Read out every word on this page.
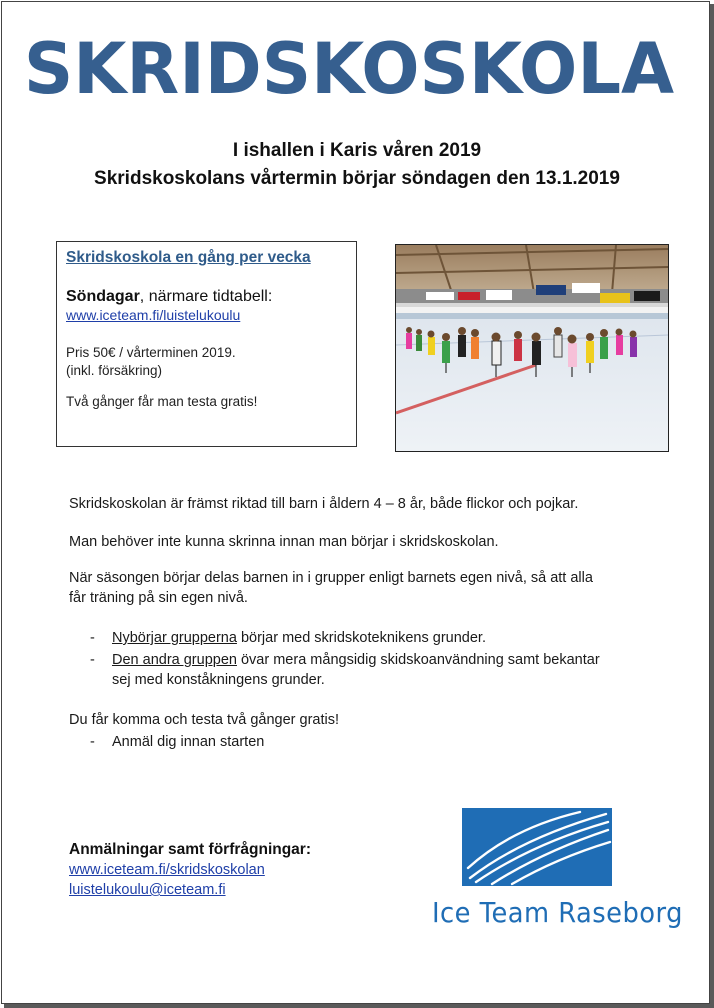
SKRIDSKOSKOLA
I ishallen i Karis våren 2019
Skridskoskolans vårtermin börjar söndagen den 13.1.2019
Skridskoskola en gång per vecka
Söndagar, närmare tidtabell:
www.iceteam.fi/luistelukoulu
Pris 50€ / vårterminen 2019.
(inkl. försäkring)
Två gånger får man testa gratis!
Skridskoskolan är främst riktad till barn i åldern 4 – 8 år, både flickor och pojkar.
Man behöver inte kunna skrinna innan man börjar i skridskoskolan.
När säsongen börjar delas barnen in i grupper enligt barnets egen nivå, så att alla
får träning på sin egen nivå.
- Nybörjar grupperna börjar med skridskoteknikens grunder.
- Den andra gruppen övar mera mångsidig skidskoanvändning samt bekantar
sej med konståkningens grunder.
Du får komma och testa två gånger gratis!
- Anmäl dig innan starten
Anmälningar samt förfrågningar:
www.iceteam.fi/skridskoskolan
luistelukoulu@iceteam.fi
Ice Team Raseborg
